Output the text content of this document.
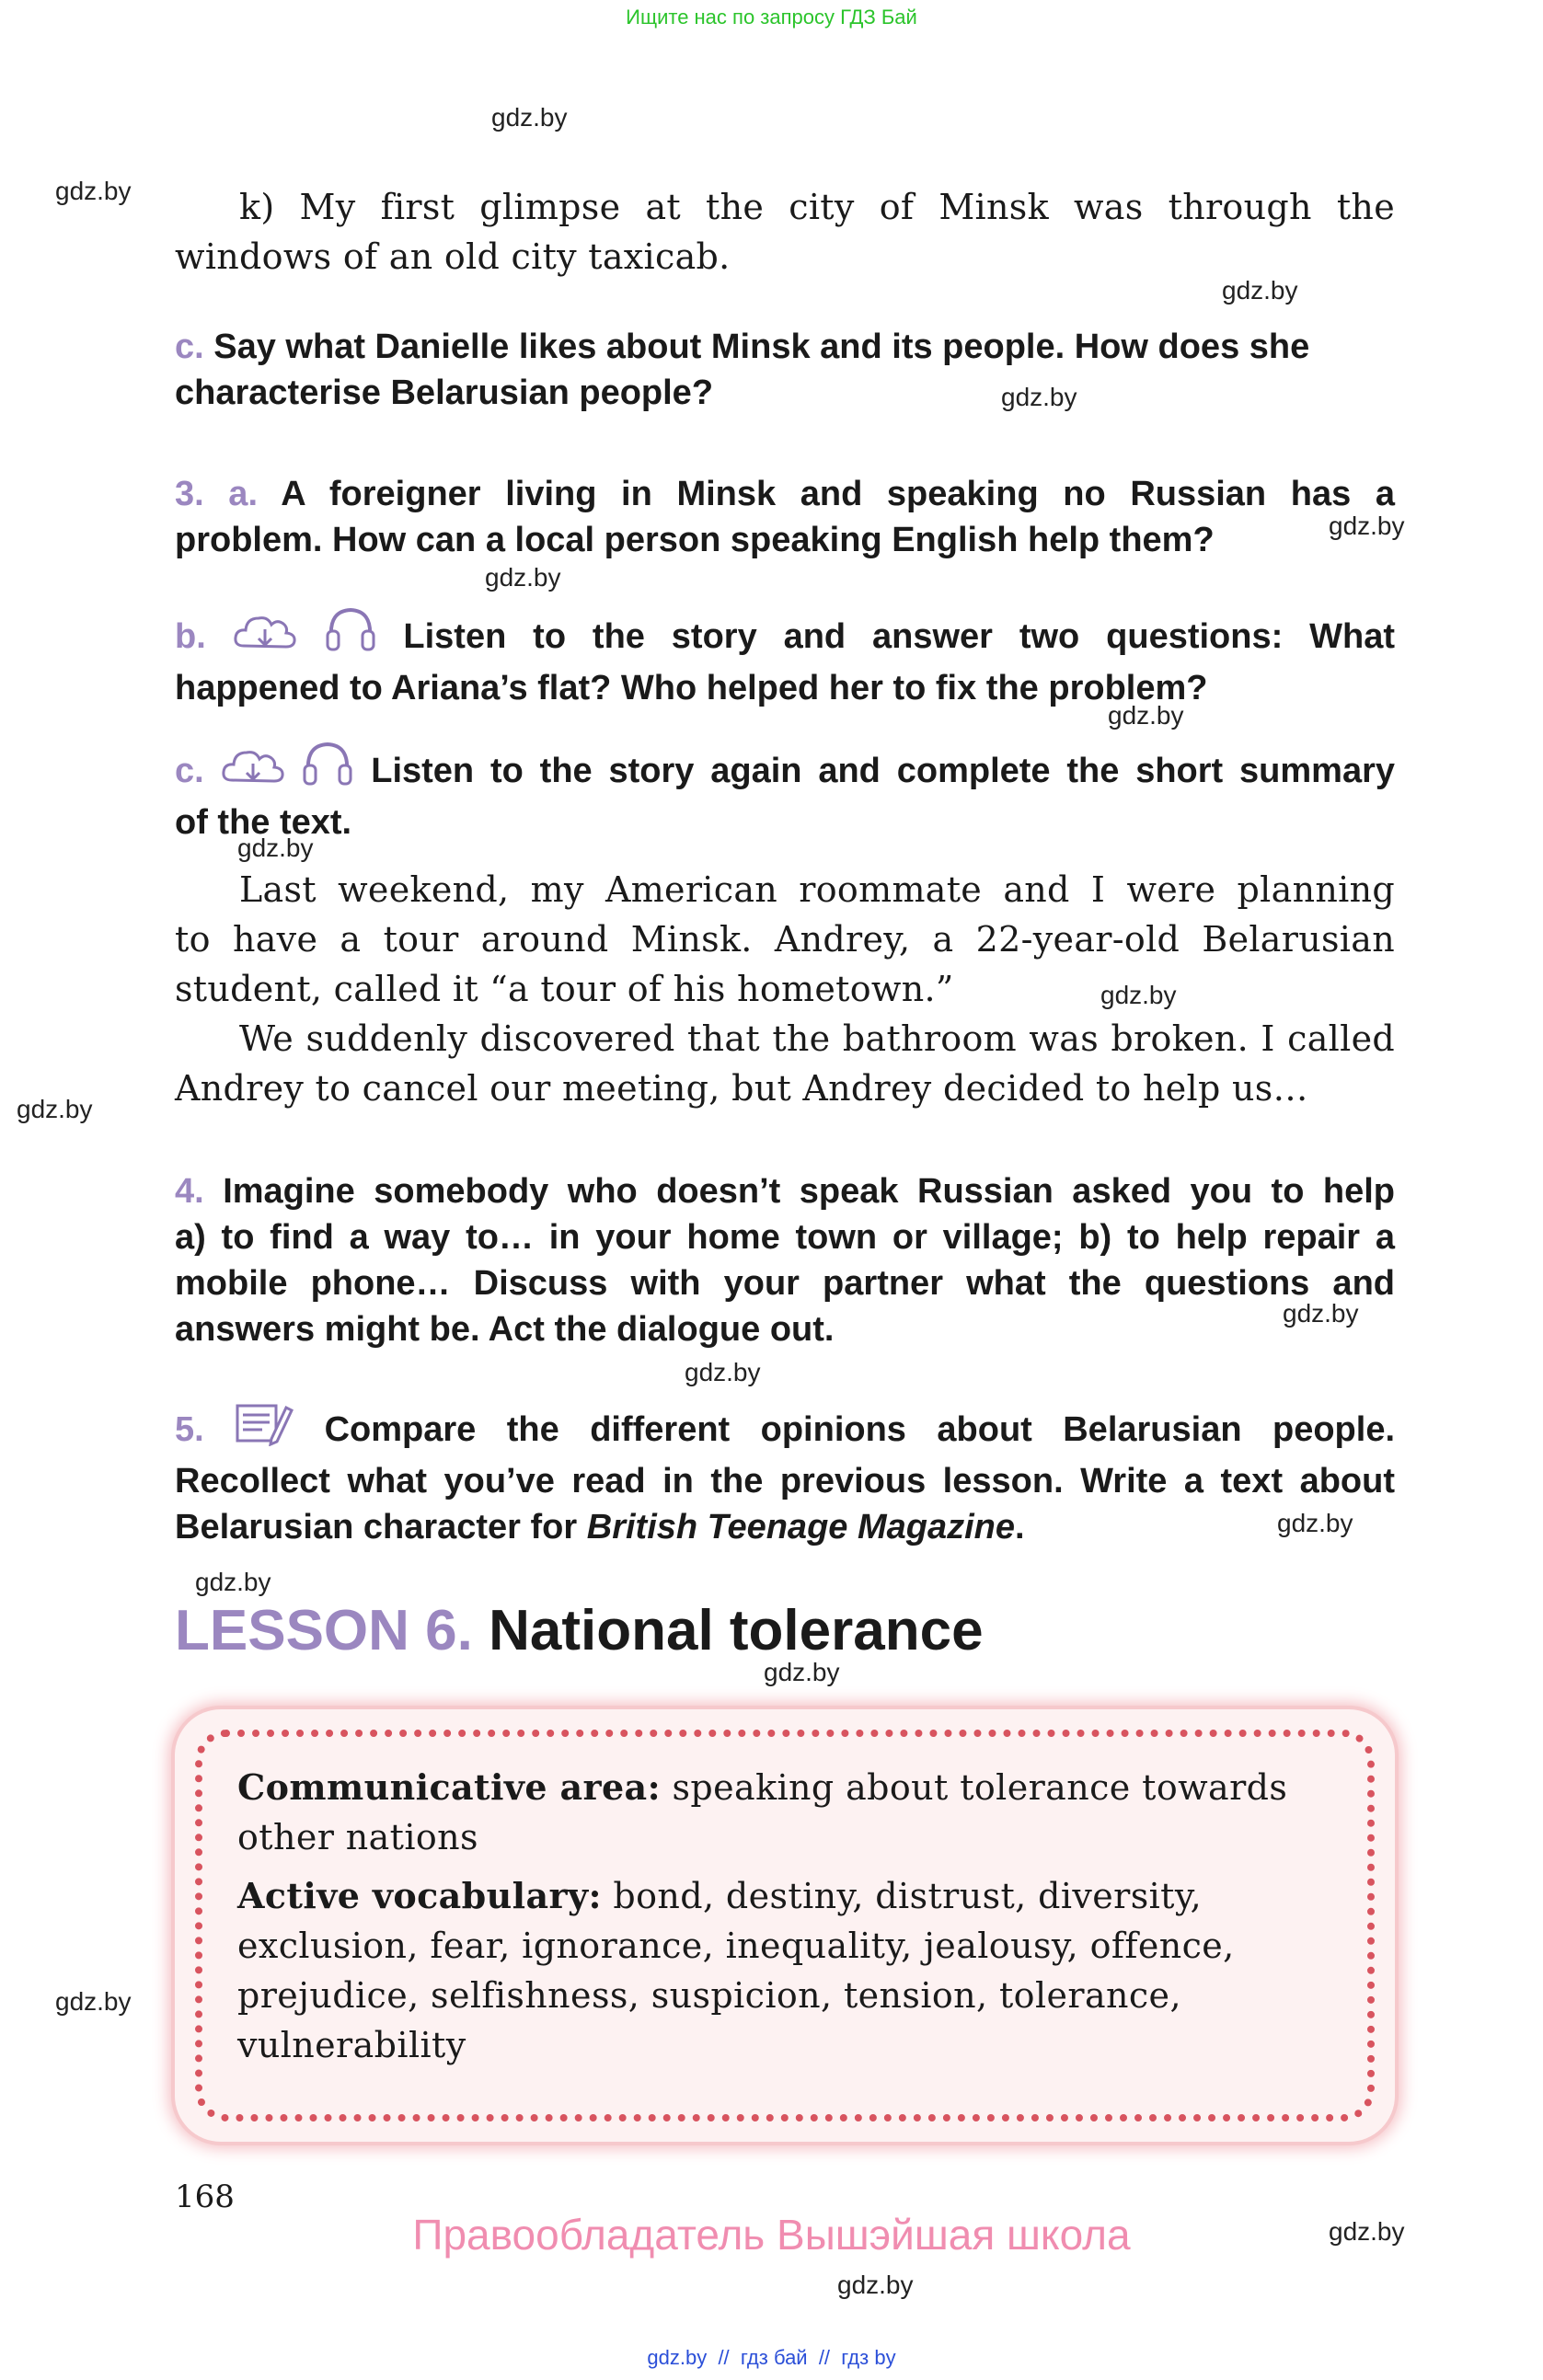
Ищите нас по запросу ГДЗ Бай
gdz.by
gdz.by
gdz.by
gdz.by
gdz.by
gdz.by
gdz.by
gdz.by
gdz.by
gdz.by
gdz.by
gdz.by
gdz.by
gdz.by
gdz.by
gdz.by
gdz.by
gdz.by
k) My first glimpse at the city of Minsk was through the
windows of an old city taxicab.
c. Say what Danielle likes about Minsk and its people. How does she
characterise Belarusian people?
3. a. A foreigner living in Minsk and speaking no Russian has a
problem. How can a local person speaking English help them?
b.	Listen to the story and answer two questions: What
happened to Ariana’s flat? Who helped her to fix the problem?
c.	Listen to the story again and complete the short summary
of the text.
Last weekend, my American roommate and I were planning
to have a tour around Minsk. Andrey, a 22-year-old Belarusian
student, called it “a tour of his hometown.”
We suddenly discovered that the bathroom was broken. I called
Andrey to cancel our meeting, but Andrey decided to help us…
4. Imagine somebody who doesn’t speak Russian asked you to help
a) to find a way to… in your home town or village; b) to help repair a
mobile phone… Discuss with your partner what the questions and
answers might be. Act the dialogue out.
5.	Compare the different opinions about Belarusian people.
Recollect what you’ve read in the previous lesson. Write a text about
Belarusian character for British Teenage Magazine.
LESSON 6. National tolerance
Communicative area: speaking about tolerance towards
other nations
Active vocabulary: bond, destiny, distrust, diversity,
exclusion, fear, ignorance, inequality, jealousy, offence,
prejudice, selfishness, suspicion, tension, tolerance,
vulnerability
168
Правообладатель Вышэйшая школа
gdz.by  //  гдз бай  //  гдз by
